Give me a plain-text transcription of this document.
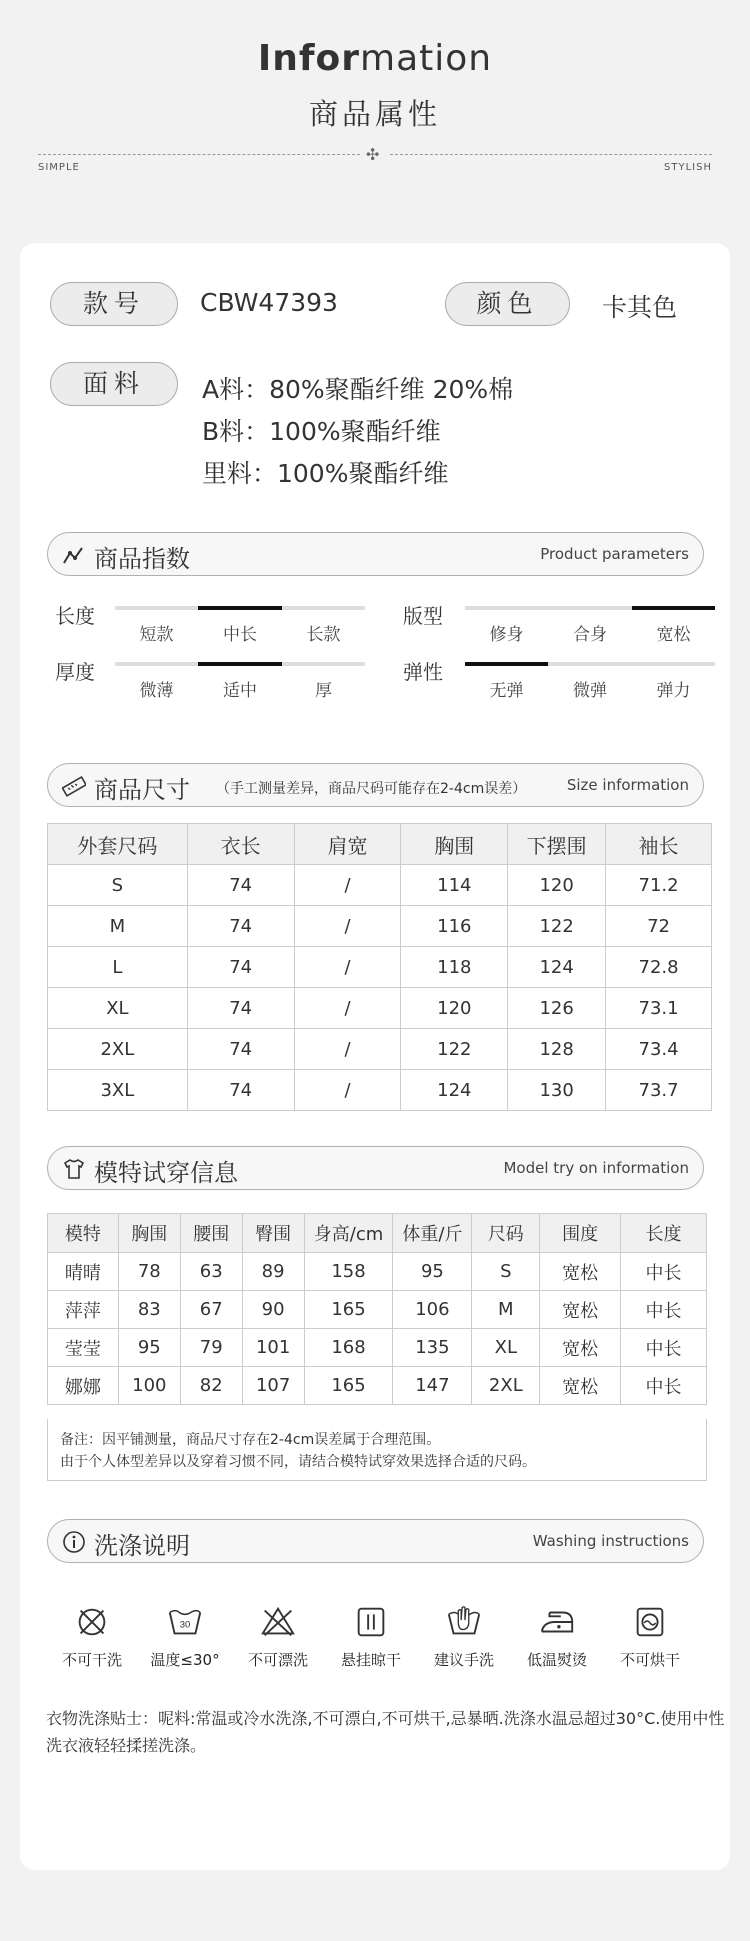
Information
商品属性
✣
SIMPLE	STYLISH
款号	CBW47393	颜色	卡其色
面料	A料：80%聚酯纤维 20%棉
B料：100%聚酯纤维
里料：100%聚酯纤维
商品指数	Product parameters
长度
短款	中长	长款
版型
修身	合身	宽松
厚度
微薄	适中	厚
弹性
无弹	微弹	弹力
商品尺寸 （手工测量差异，商品尺码可能存在2-4cm误差）	Size information
外套尺码	衣长	肩宽	胸围	下摆围	袖长
S	74	/	114	120	71.2
M	74	/	116	122	72
L	74	/	118	124	72.8
XL	74	/	120	126	73.1
2XL	74	/	122	128	73.4
3XL	74	/	124	130	73.7
模特试穿信息	Model try on information
模特	胸围	腰围	臀围	身高/cm	体重/斤	尺码	围度	长度
晴晴	78	63	89	158	95	S	宽松	中长
萍萍	83	67	90	165	106	M	宽松	中长
莹莹	95	79	101	168	135	XL	宽松	中长
娜娜	100	82	107	165	147	2XL	宽松	中长
备注：因平铺测量，商品尺寸存在2-4cm误差属于合理范围。
由于个人体型差异以及穿着习惯不同，请结合模特试穿效果选择合适的尺码。
洗涤说明	Washing instructions
不可干洗
30
温度≤30°	不可漂洗	悬挂晾干	建议手洗	低温熨烫	不可烘干
衣物洗涤贴士：呢料:常温或冷水洗涤,不可漂白,不可烘干,忌暴晒.洗涤水温忌超过30°C.使用中性洗衣液轻轻揉搓洗涤。
